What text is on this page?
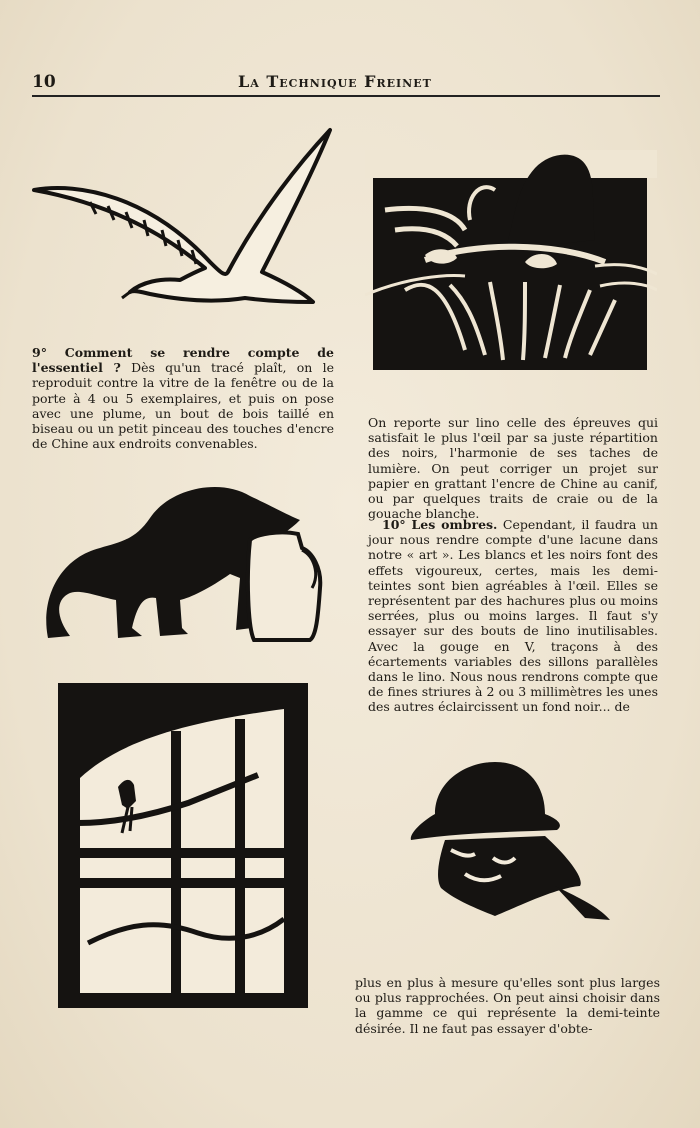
10	La Technique Freinet

9° Comment se rendre compte de l'essentiel ? Dès qu'un tracé plaît, on le reproduit contre la vitre de la fenêtre ou de la porte à 4 ou 5 exemplaires, et puis on pose avec une plume, un bout de bois taillé en biseau ou un petit pinceau des touches d'encre de Chine aux endroits convenables.

On reporte sur lino celle des épreuves qui satisfait le plus l'œil par sa juste répartition des noirs, l'harmonie de ses taches de lumière. On peut corriger un projet sur papier en grattant l'encre de Chine au canif, ou par quelques traits de craie ou de la gouache blanche.

10° Les ombres. Cependant, il faudra un jour nous rendre compte d'une lacune dans notre « art ». Les blancs et les noirs font des effets vigoureux, certes, mais les demi-teintes sont bien agréables à l'œil. Elles se représentent par des hachures plus ou moins serrées, plus ou moins larges. Il faut s'y essayer sur des bouts de lino inutilisables. Avec la gouge en V, traçons à des écartements variables des sillons parallèles dans le lino. Nous nous rendrons compte que de fines striures à 2 ou 3 millimètres les unes des autres éclaircissent un fond noir... de

plus en plus à mesure qu'elles sont plus larges ou plus rapprochées. On peut ainsi choisir dans la gamme ce qui représente la demi-teinte désirée. Il ne faut pas essayer d'obte-
